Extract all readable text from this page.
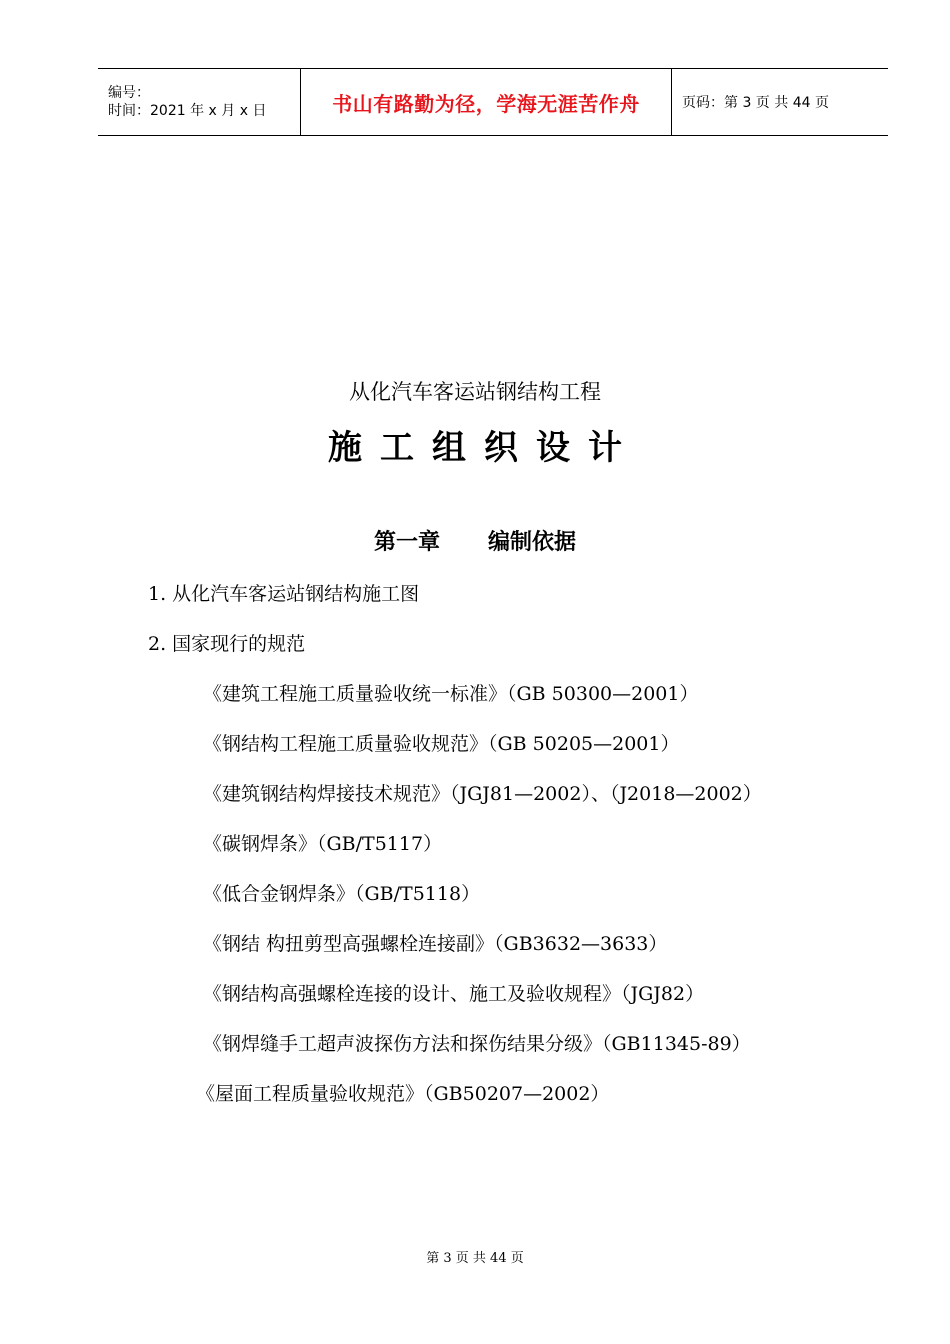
编号：
时间：2021 年 x 月 x 日	书山有路勤为径，学海无涯苦作舟	页码：第 3 页 共 44 页
从化汽车客运站钢结构工程
施工组织设计
第一章 编制依据
1. 从化汽车客运站钢结构施工图
2. 国家现行的规范
《建筑工程施工质量验收统一标准》（GB 50300—2001）
《钢结构工程施工质量验收规范》（GB 50205—2001）
《建筑钢结构焊接技术规范》（JGJ81—2002）、（J2018—2002）
《碳钢焊条》（GB/T5117）
《低合金钢焊条》（GB/T5118）
《钢结 构扭剪型高强螺栓连接副》（GB3632—3633）
《钢结构高强螺栓连接的设计、施工及验收规程》（JGJ82）
《钢焊缝手工超声波探伤方法和探伤结果分级》（GB11345-89）
《屋面工程质量验收规范》（GB50207—2002）
第 3 页 共 44 页
